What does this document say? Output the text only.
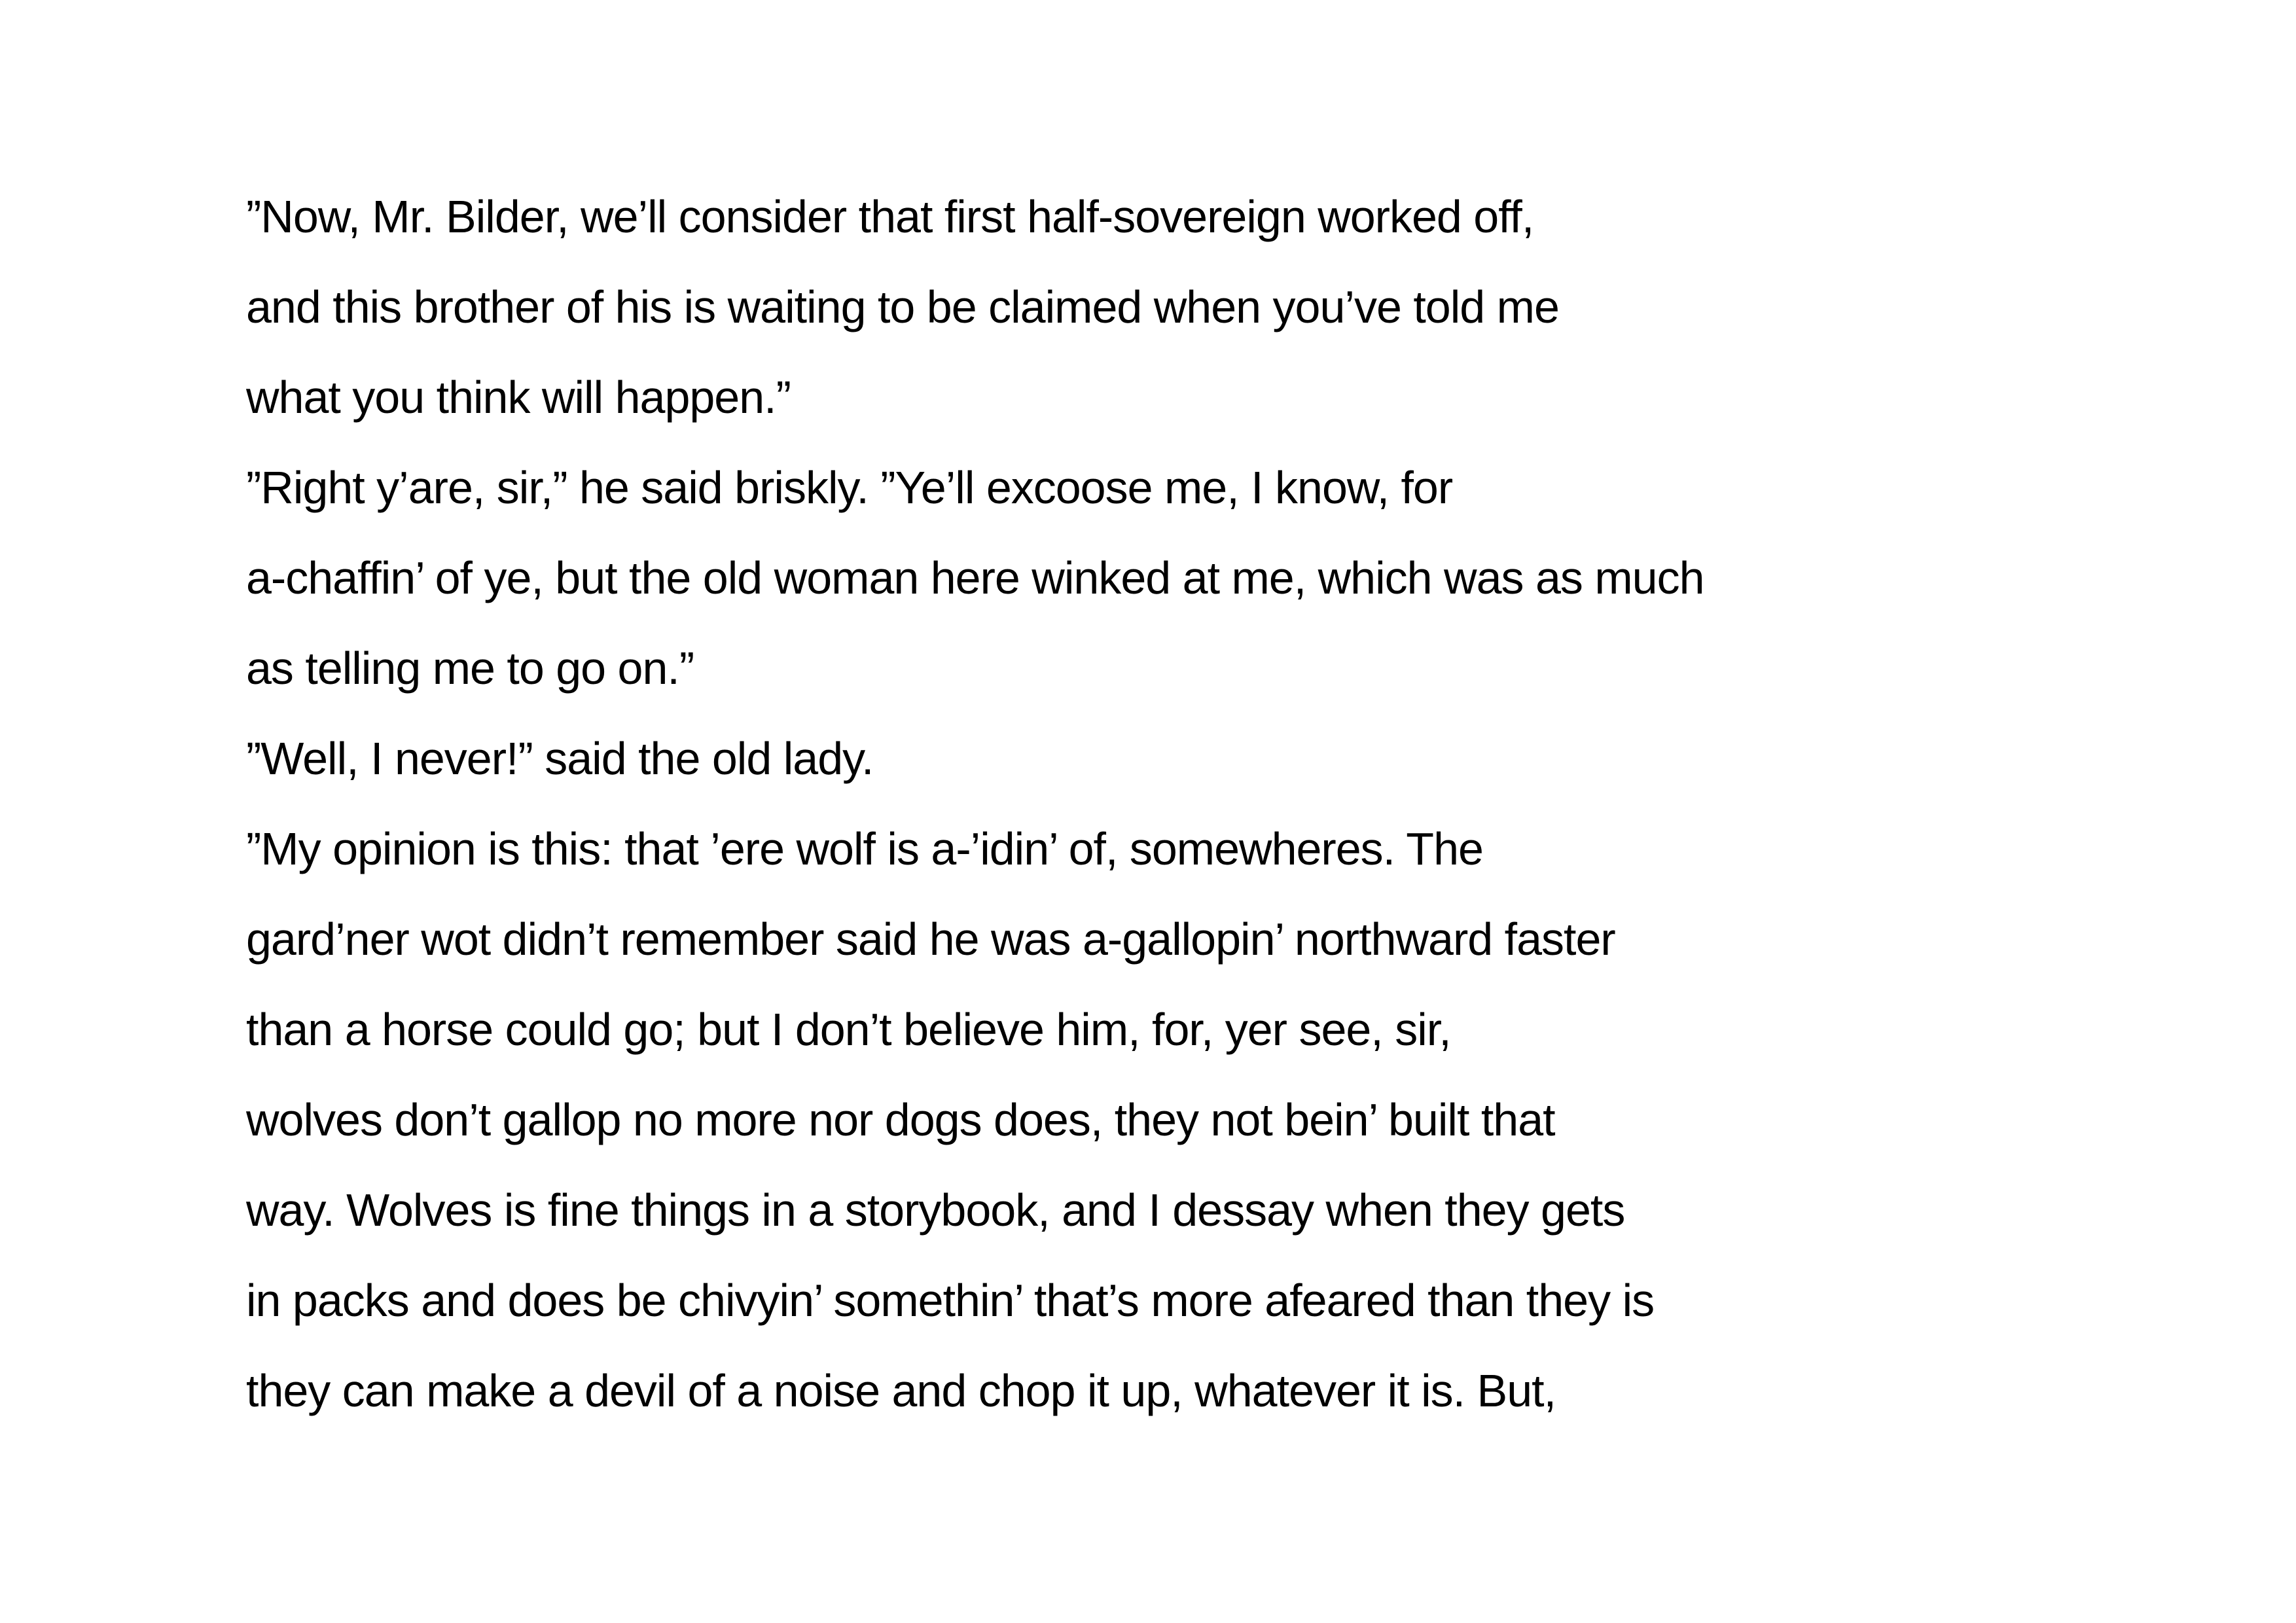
”Now, Mr. Bilder, we’ll consider that first half-sovereign worked off,
and this brother of his is waiting to be claimed when you’ve told me
what you think will happen.”
”Right y’are, sir,” he said briskly. ”Ye’ll excoose me, I know, for
a-chaffin’ of ye, but the old woman here winked at me, which was as much
as telling me to go on.”
”Well, I never!” said the old lady.
”My opinion is this: that ’ere wolf is a-’idin’ of, somewheres. The
gard’ner wot didn’t remember said he was a-gallopin’ northward faster
than a horse could go; but I don’t believe him, for, yer see, sir,
wolves don’t gallop no more nor dogs does, they not bein’ built that
way. Wolves is fine things in a storybook, and I dessay when they gets
in packs and does be chivyin’ somethin’ that’s more afeared than they is
they can make a devil of a noise and chop it up, whatever it is. But,
